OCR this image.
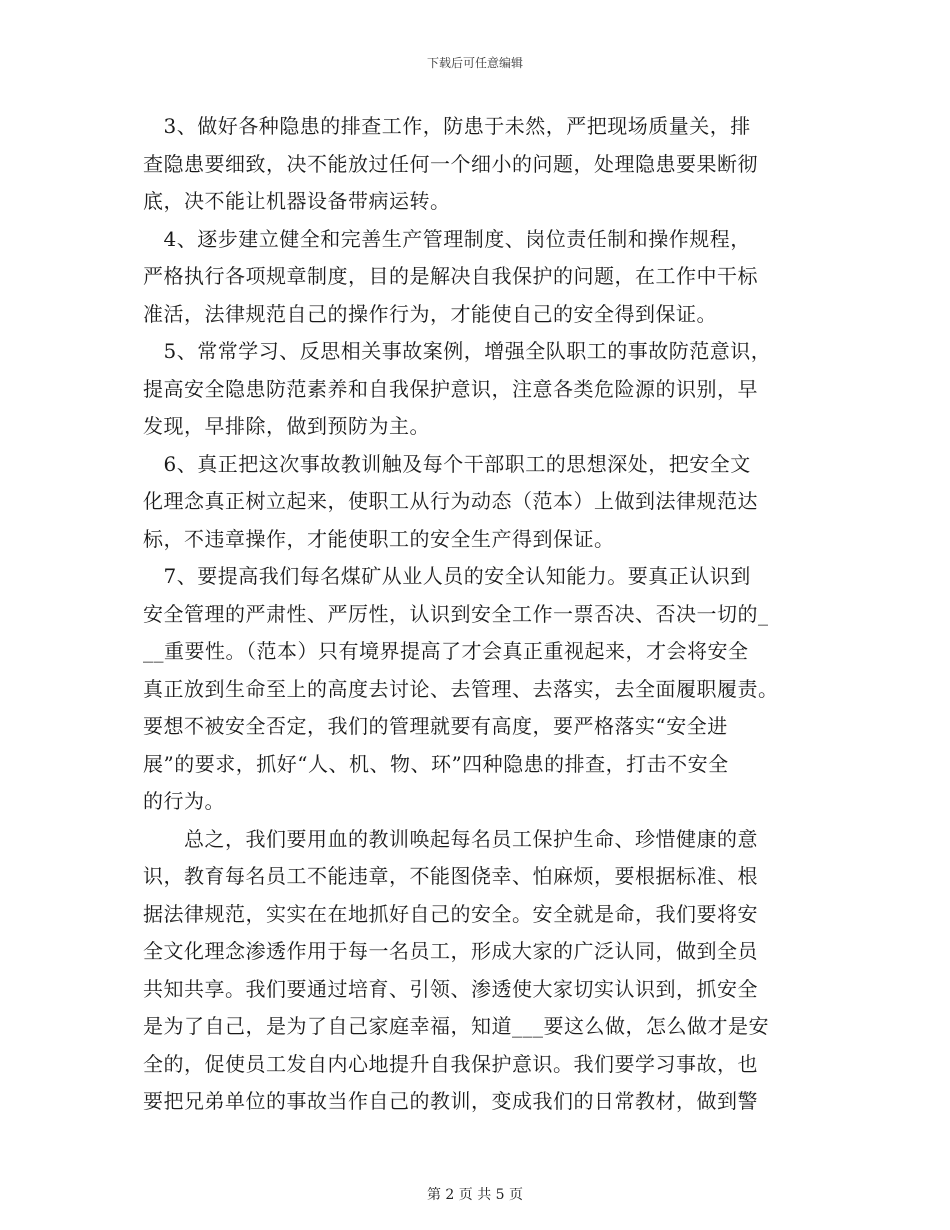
下载后可任意编辑
　3、做好各种隐患的排查工作，防患于未然，严把现场质量关，排
查隐患要细致，决不能放过任何一个细小的问题，处理隐患要果断彻
底，决不能让机器设备带病运转。
　4、逐步建立健全和完善生产管理制度、岗位责任制和操作规程，
严格执行各项规章制度，目的是解决自我保护的问题，在工作中干标
准活，法律规范自己的操作行为，才能使自己的安全得到保证。
　5、常常学习、反思相关事故案例，增强全队职工的事故防范意识，
提高安全隐患防范素养和自我保护意识，注意各类危险源的识别，早
发现，早排除，做到预防为主。
　6、真正把这次事故教训触及每个干部职工的思想深处，把安全文
化理念真正树立起来，使职工从行为动态（范本）上做到法律规范达
标，不违章操作，才能使职工的安全生产得到保证。
　7、要提高我们每名煤矿从业人员的安全认知能力。要真正认识到
安全管理的严肃性、严厉性，认识到安全工作一票否决、否决一切的_
__重要性。（范本）只有境界提高了才会真正重视起来，才会将安全
真正放到生命至上的高度去讨论、去管理、去落实，去全面履职履责。
要想不被安全否定，我们的管理就要有高度，要严格落实“安全进
展”的要求，抓好“人、机、物、环”四种隐患的排查，打击不安全
的行为。
　　总之，我们要用血的教训唤起每名员工保护生命、珍惜健康的意
识，教育每名员工不能违章，不能图侥幸、怕麻烦，要根据标准、根
据法律规范，实实在在地抓好自己的安全。安全就是命，我们要将安
全文化理念渗透作用于每一名员工，形成大家的广泛认同，做到全员
共知共享。我们要通过培育、引领、渗透使大家切实认识到，抓安全
是为了自己，是为了自己家庭幸福，知道___要这么做，怎么做才是安
全的，促使员工发自内心地提升自我保护意识。我们要学习事故，也
要把兄弟单位的事故当作自己的教训，变成我们的日常教材，做到警
第 2 页 共 5 页
